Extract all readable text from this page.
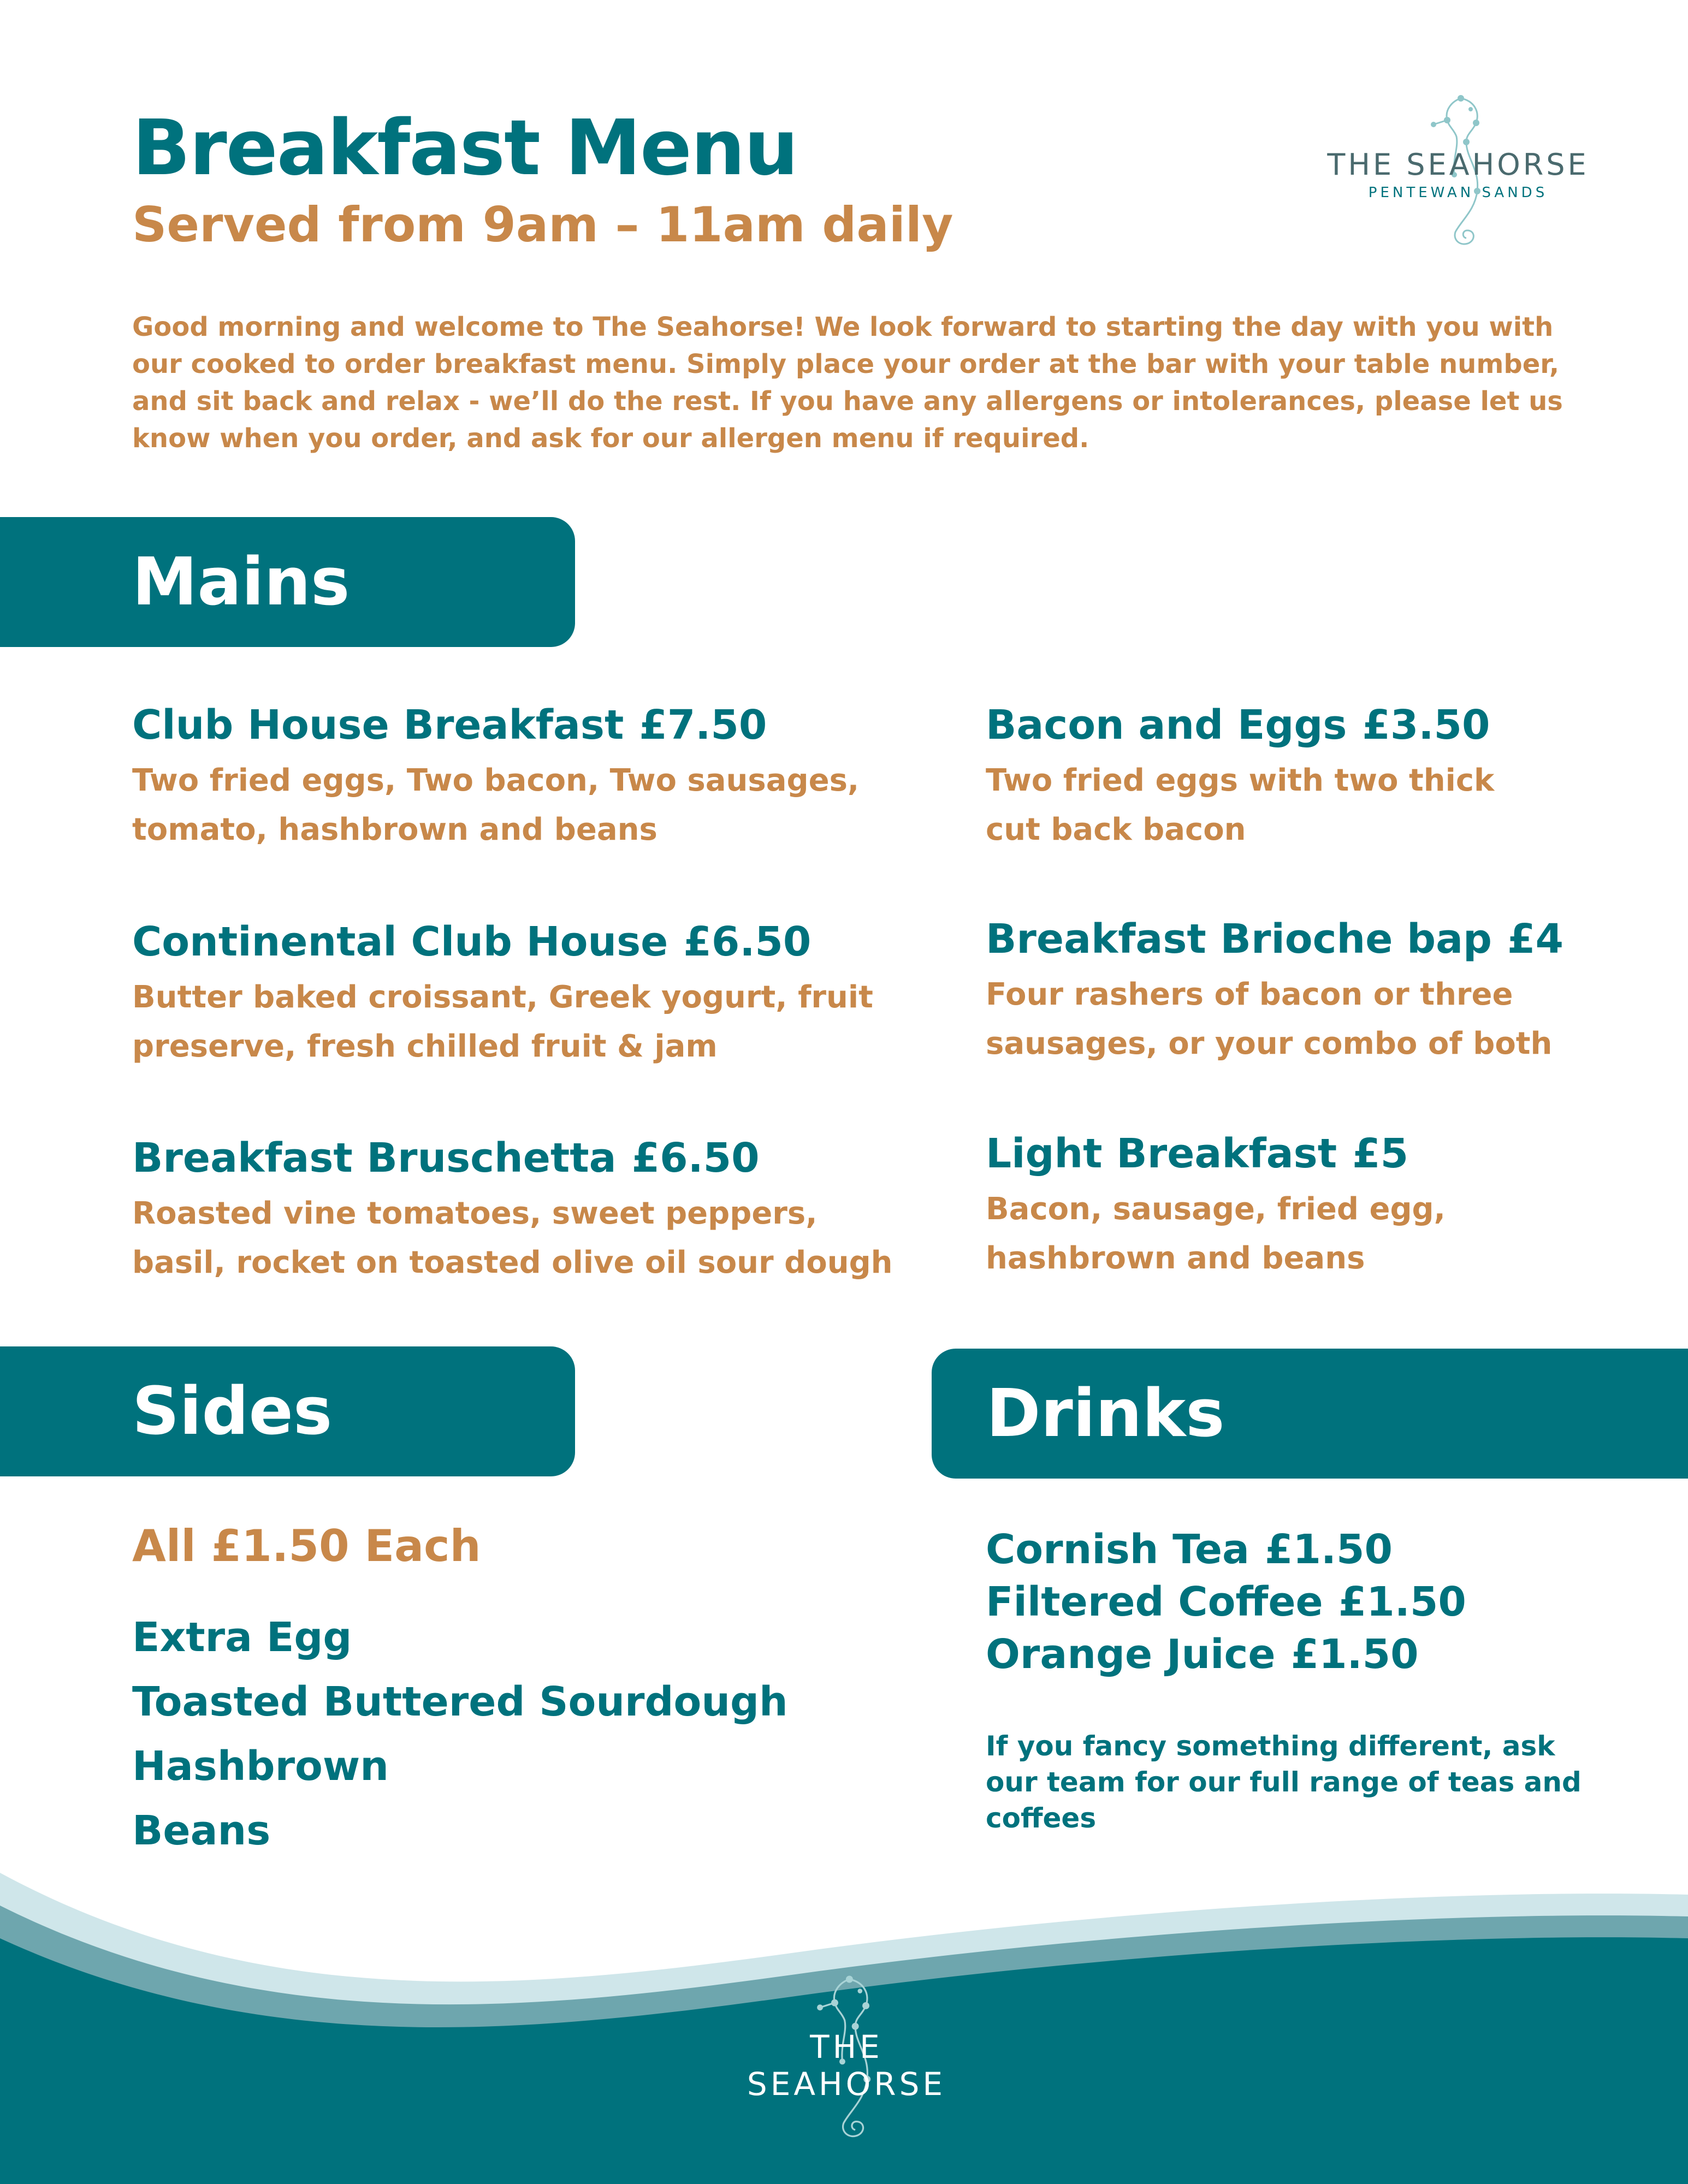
Breakfast Menu
Served from 9am – 11am daily

Good morning and welcome to The Seahorse! We look forward to starting the day with you with our cooked to order breakfast menu. Simply place your order at the bar with your table number, and sit back and relax - we’ll do the rest. If you have any allergens or intolerances, please let us know when you order, and ask for our allergen menu if required.

THE SEAHORSE
PENTEWAN SANDS
Mains

Club House Breakfast £7.50

Two fried eggs, Two bacon, Two sausages, tomato, hashbrown and beans

Continental Club House £6.50

Butter baked croissant, Greek yogurt, fruit preserve, fresh chilled fruit & jam

Breakfast Bruschetta £6.50

Roasted vine tomatoes, sweet peppers, basil, rocket on toasted olive oil sour dough

Bacon and Eggs £3.50

Two fried eggs with two thick cut back bacon

Breakfast Brioche bap £4

Four rashers of bacon or three sausages, or your combo of both

Light Breakfast £5

Bacon, sausage, fried egg, hashbrown and beans

Sides

All £1.50 Each

Extra Egg
Toasted Buttered Sourdough
Hashbrown
Beans
Drinks
Cornish Tea £1.50
Filtered Coffee £1.50
Orange Juice £1.50

If you fancy something different, ask our team for our full range of teas and coffees

THE SEAHORSE
